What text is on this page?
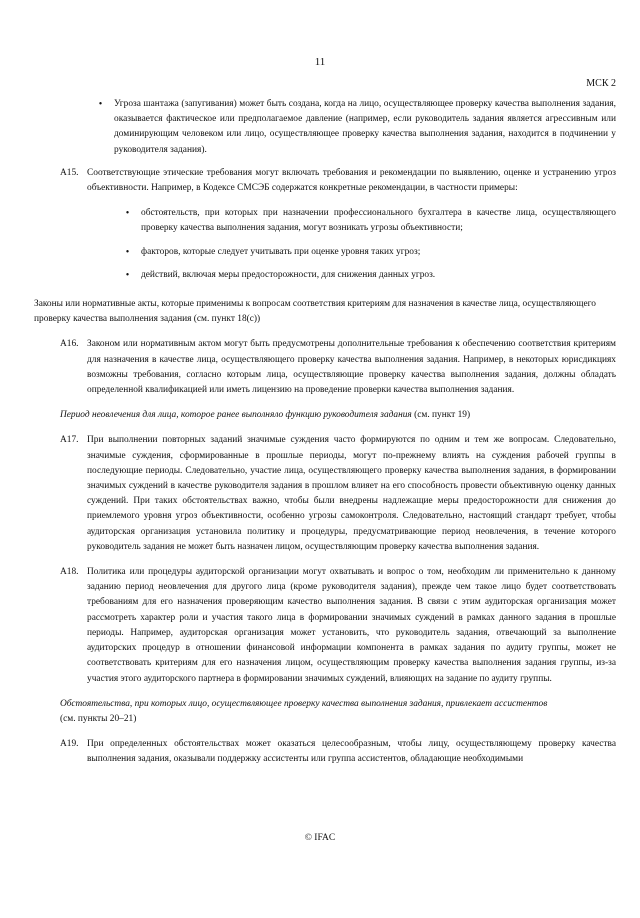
11
МСК 2
•	Угроза шантажа (запугивания) может быть создана, когда на лицо, осуществляющее проверку качества выполнения задания, оказывается фактическое или предполагаемое давление (например, если руководитель задания является агрессивным или доминирующим человеком или лицо, осуществляющее проверку качества выполнения задания, находится в подчинении у руководителя задания).
A15. Соответствующие этические требования могут включать требования и рекомендации по выявлению, оценке и устранению угроз объективности. Например, в Кодексе СМСЭБ содержатся конкретные рекомендации, в частности примеры:
•	обстоятельств, при которых при назначении профессионального бухгалтера в качестве лица, осуществляющего проверку качества выполнения задания, могут возникать угрозы объективности;
•	факторов, которые следует учитывать при оценке уровня таких угроз;
•	действий, включая меры предосторожности, для снижения данных угроз.
Законы или нормативные акты, которые применимы к вопросам соответствия критериям для назначения в качестве лица, осуществляющего проверку качества выполнения задания (см. пункт 18(c))
A16. Законом или нормативным актом могут быть предусмотрены дополнительные требования к обеспечению соответствия критериям для назначения в качестве лица, осуществляющего проверку качества выполнения задания. Например, в некоторых юрисдикциях возможны требования, согласно которым лица, осуществляющие проверку качества выполнения задания, должны обладать определенной квалификацией или иметь лицензию на проведение проверки качества выполнения задания.
Период неовлечения для лица, которое ранее выполняло функцию руководителя задания (см. пункт 19)
A17. При выполнении повторных заданий значимые суждения часто формируются по одним и тем же вопросам. Следовательно, значимые суждения, сформированные в прошлые периоды, могут по-прежнему влиять на суждения рабочей группы в последующие периоды. Следовательно, участие лица, осуществляющего проверку качества выполнения задания, в формировании значимых суждений в качестве руководителя задания в прошлом влияет на его способность провести объективную оценку данных суждений. При таких обстоятельствах важно, чтобы были внедрены надлежащие меры предосторожности для снижения до приемлемого уровня угроз объективности, особенно угрозы самоконтроля. Следовательно, настоящий стандарт требует, чтобы аудиторская организация установила политику и процедуры, предусматривающие период неовлечения, в течение которого руководитель задания не может быть назначен лицом, осуществляющим проверку качества выполнения задания.
A18. Политика или процедуры аудиторской организации могут охватывать и вопрос о том, необходим ли применительно к данному заданию период неовлечения для другого лица (кроме руководителя задания), прежде чем такое лицо будет соответствовать требованиям для его назначения проверяющим качество выполнения задания. В связи с этим аудиторская организация может рассмотреть характер роли и участия такого лица в формировании значимых суждений в рамках данного задания в прошлые периоды. Например, аудиторская организация может установить, что руководитель задания, отвечающий за выполнение аудиторских процедур в отношении финансовой информации компонента в рамках задания по аудиту группы, может не соответствовать критериям для его назначения лицом, осуществляющим проверку качества выполнения задания группы, из-за участия этого аудиторского партнера в формировании значимых суждений, влияющих на задание по аудиту группы.
Обстоятельства, при которых лицо, осуществляющее проверку качества выполнения задания, привлекает ассистентов
(см. пункты 20–21)
A19. При определенных обстоятельствах может оказаться целесообразным, чтобы лицу, осуществляющему проверку качества выполнения задания, оказывали поддержку ассистенты или группа ассистентов, обладающие необходимыми
© IFAC
